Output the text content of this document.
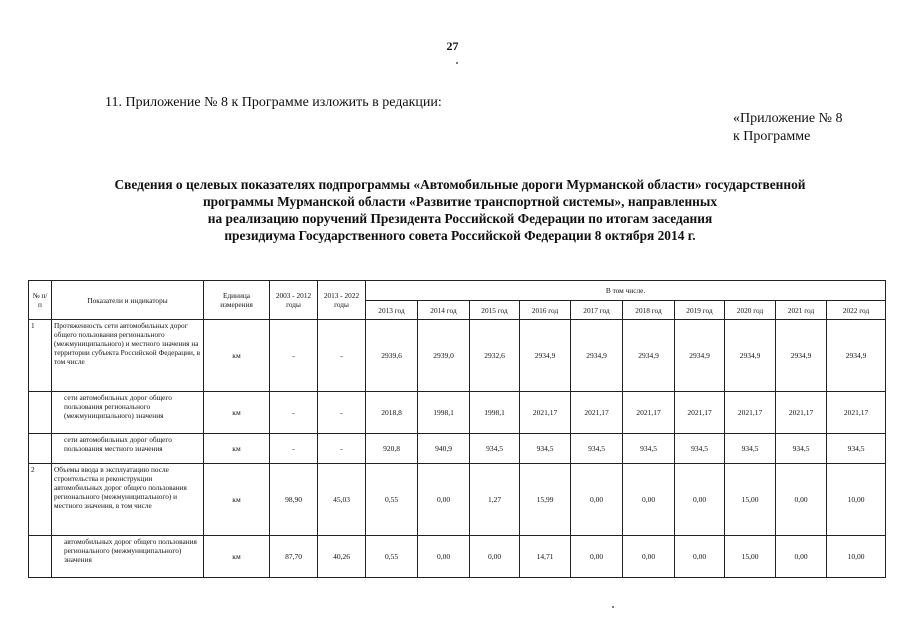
27
11. Приложение № 8 к Программе изложить в редакции:
«Приложение № 8
к Программе
Сведения о целевых показателях подпрограммы «Автомобильные дороги Мурманской области» государственной
программы Мурманской области «Развитие транспортной системы», направленных
на реализацию поручений Президента Российской Федерации по итогам заседания
президиума Государственного совета Российской Федерации 8 октября 2014 г.
№ п/п	Показатели и индикаторы	Единица измерения	2003 - 2012 годы	2013 - 2022 годы	В том числе.									
					2013 год	2014 год	2015 год	2016 год	2017 год	2018 год	2019 год	2020 год	2021 год	2022 год
1	Протяженность сети автомобильных дорог общего пользования регионального (межмуниципального) и местного значения на территории субъекта Российской Федерации, в том числе	км	-	-	2939,6	2939,0	2932,6	2934,9	2934,9	2934,9	2934,9	2934,9	2934,9	2934,9
	сети автомобильных дорог общего пользования регионального (межмуниципального) значения	км	-	-	2018,8	1998,1	1998,1	2021,17	2021,17	2021,17	2021,17	2021,17	2021,17	2021,17
	сети автомобильных дорог общего пользования местного значения	км	-	-	920,8	940,9	934,5	934,5	934,5	934,5	934,5	934,5	934,5	934,5
2	Объемы ввода в эксплуатацию после строительства и реконструкции автомобильных дорог общего пользования регионального (межмуниципального) и местного значения, в том числе	км	98,90	45,03	0,55	0,00	1,27	15,99	0,00	0,00	0,00	15,00	0,00	10,00
	автомобильных дорог общего пользования регионального (межмуниципального) значения	км	87,70	40,26	0,55	0,00	0,00	14,71	0,00	0,00	0,00	15,00	0,00	10,00
